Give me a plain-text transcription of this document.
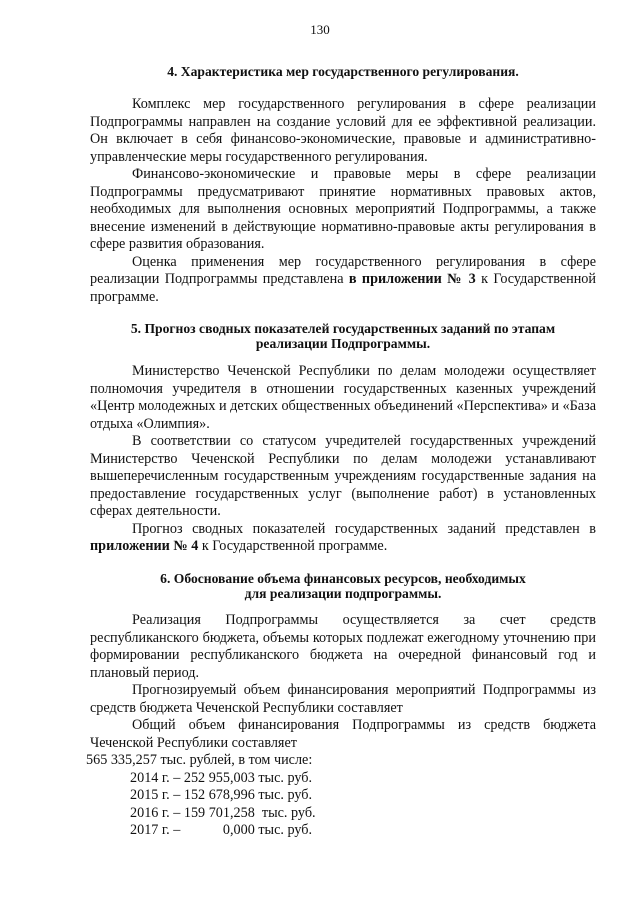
130
4. Характеристика мер государственного регулирования.

Комплекс мер государственного регулирования в сфере реализации Подпрограммы направлен на создание условий для ее эффективной реализации. Он включает в себя финансово-экономические, правовые и административно-управленческие меры государственного регулирования.

Финансово-экономические и правовые меры в сфере реализации Подпрограммы предусматривают принятие нормативных правовых актов, необходимых для выполнения основных мероприятий Подпрограммы, а также внесение изменений в действующие нормативно-правовые акты регулирования в сфере развития образования.

Оценка применения мер государственного регулирования в сфере реализации Подпрограммы представлена в приложении № 3 к Государственной программе.

5. Прогноз сводных показателей государственных заданий по этапам
реализации Подпрограммы.

Министерство Чеченской Республики по делам молодежи осуществляет полномочия учредителя в отношении государственных казенных учреждений «Центр молодежных и детских общественных объединений «Перспектива» и «База отдыха «Олимпия».

В соответствии со статусом учредителей государственных учреждений Министерство Чеченской Республики по делам молодежи устанавливают вышеперечисленным государственным учреждениям государственные задания на предоставление государственных услуг (выполнение работ) в установленных сферах деятельности.

Прогноз сводных показателей государственных заданий представлен в приложении № 4 к Государственной программе.

6. Обоснование объема финансовых ресурсов, необходимых
для реализации подпрограммы.

Реализация Подпрограммы осуществляется за счет средств республиканского бюджета, объемы которых подлежат ежегодному уточнению при формировании республиканского бюджета на очередной финансовый год и плановый период.

Прогнозируемый объем финансирования мероприятий Подпрограммы из средств бюджета Чеченской Республики составляет

Общий объем финансирования Подпрограммы из средств бюджета Чеченской Республики составляет

565 335,257 тыс. рублей, в том числе:
2014 г. – 252 955,003 тыс. руб.
2015 г. – 152 678,996 тыс. руб.
2016 г. – 159 701,258  тыс. руб.
2017 г. –            0,000 тыс. руб.
